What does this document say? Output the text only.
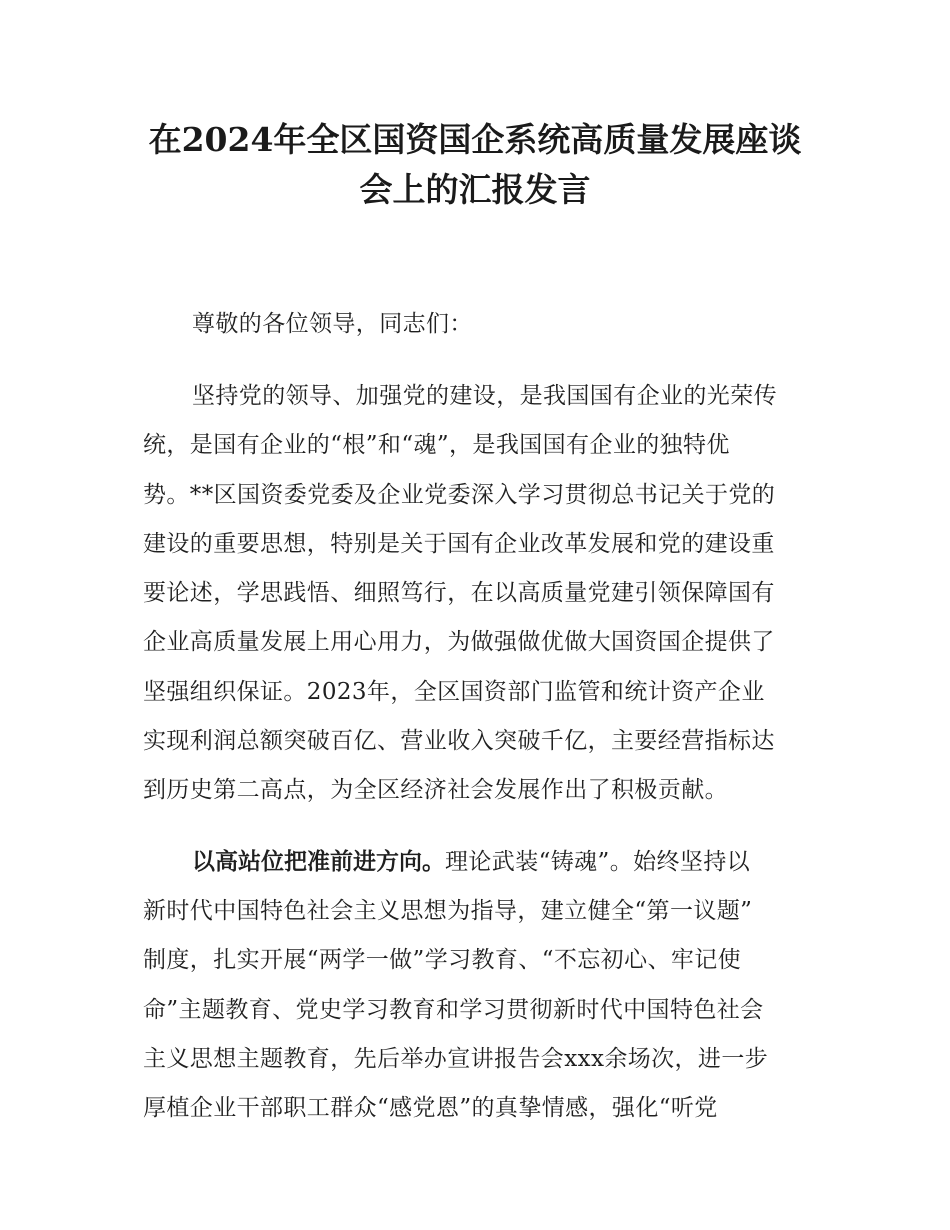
在2024年全区国资国企系统高质量发展座谈
会上的汇报发言
尊敬的各位领导，同志们：
坚持党的领导、加强党的建设，是我国国有企业的光荣传
统，是国有企业的“根”和“魂”，是我国国有企业的独特优
势。**区国资委党委及企业党委深入学习贯彻总书记关于党的
建设的重要思想，特别是关于国有企业改革发展和党的建设重
要论述，学思践悟、细照笃行，在以高质量党建引领保障国有
企业高质量发展上用心用力，为做强做优做大国资国企提供了
坚强组织保证。2023年，全区国资部门监管和统计资产企业
实现利润总额突破百亿、营业收入突破千亿，主要经营指标达
到历史第二高点，为全区经济社会发展作出了积极贡献。
以高站位把准前进方向。理论武装“铸魂”。始终坚持以
新时代中国特色社会主义思想为指导，建立健全“第一议题”
制度，扎实开展“两学一做”学习教育、“不忘初心、牢记使
命”主题教育、党史学习教育和学习贯彻新时代中国特色社会
主义思想主题教育，先后举办宣讲报告会xxx余场次，进一步
厚植企业干部职工群众“感党恩”的真挚情感，强化“听党
